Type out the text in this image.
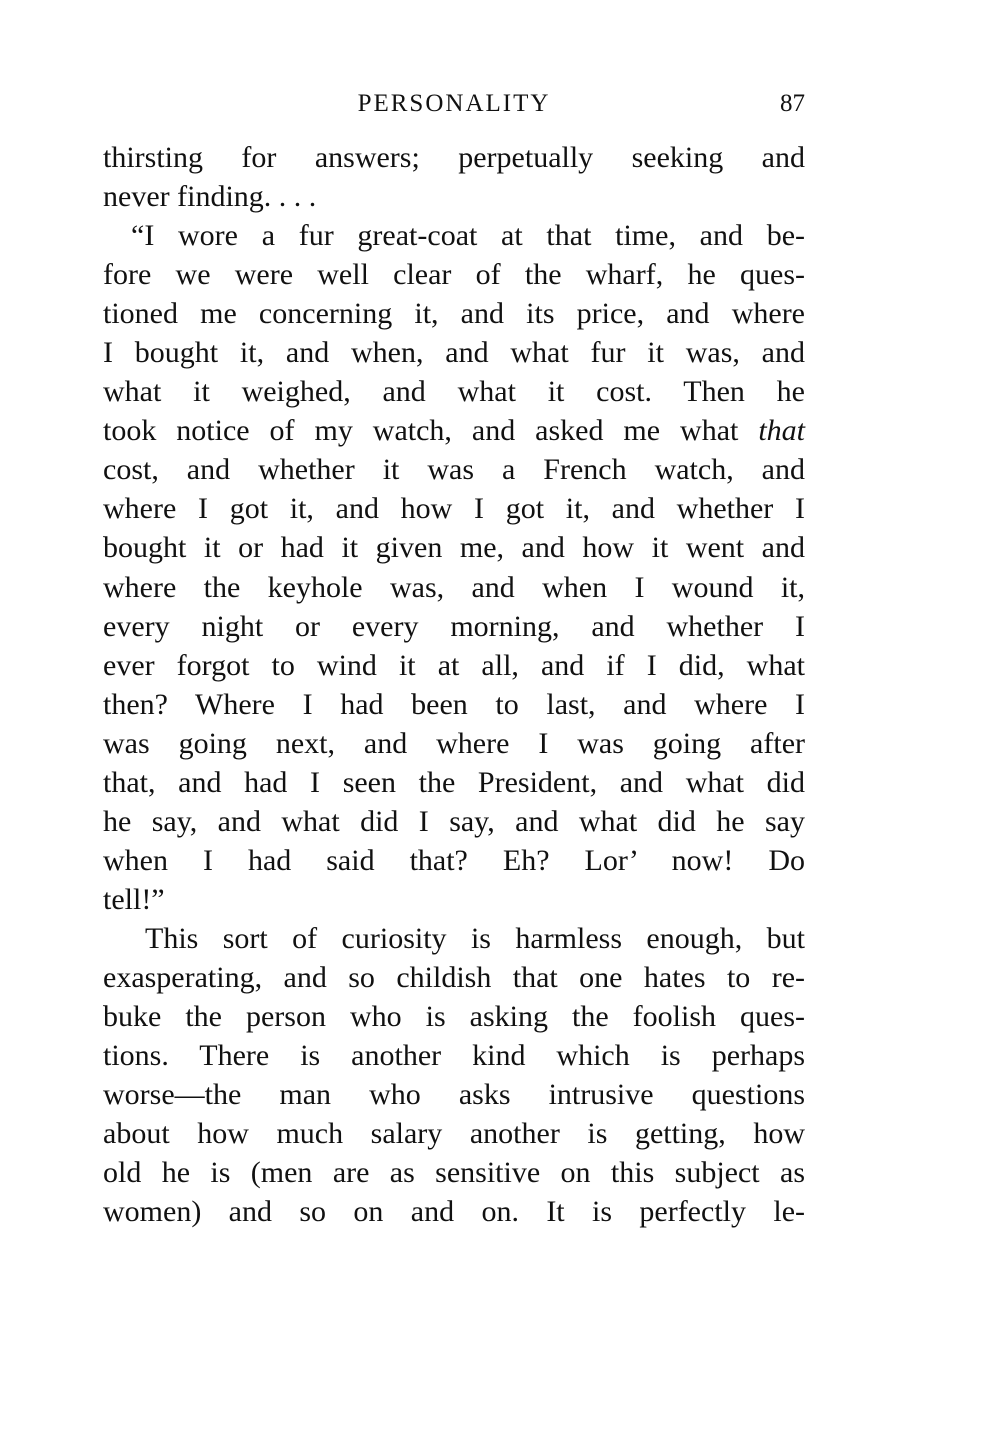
PERSONALITY	87
thirsting for answers; perpetually seeking and
never finding. . . .
“I wore a fur great-coat at that time, and be-
fore we were well clear of the wharf, he ques-
tioned me concerning it, and its price, and where
I bought it, and when, and what fur it was, and
what it weighed, and what it cost. Then he
took notice of my watch, and asked me what that
cost, and whether it was a French watch, and
where I got it, and how I got it, and whether I
bought it or had it given me, and how it went and
where the keyhole was, and when I wound it,
every night or every morning, and whether I
ever forgot to wind it at all, and if I did, what
then? Where I had been to last, and where I
was going next, and where I was going after
that, and had I seen the President, and what did
he say, and what did I say, and what did he say
when I had said that? Eh? Lor’ now! Do
tell!”
This sort of curiosity is harmless enough, but
exasperating, and so childish that one hates to re-
buke the person who is asking the foolish ques-
tions. There is another kind which is perhaps
worse—the man who asks intrusive questions
about how much salary another is getting, how
old he is (men are as sensitive on this subject as
women) and so on and on. It is perfectly le-
